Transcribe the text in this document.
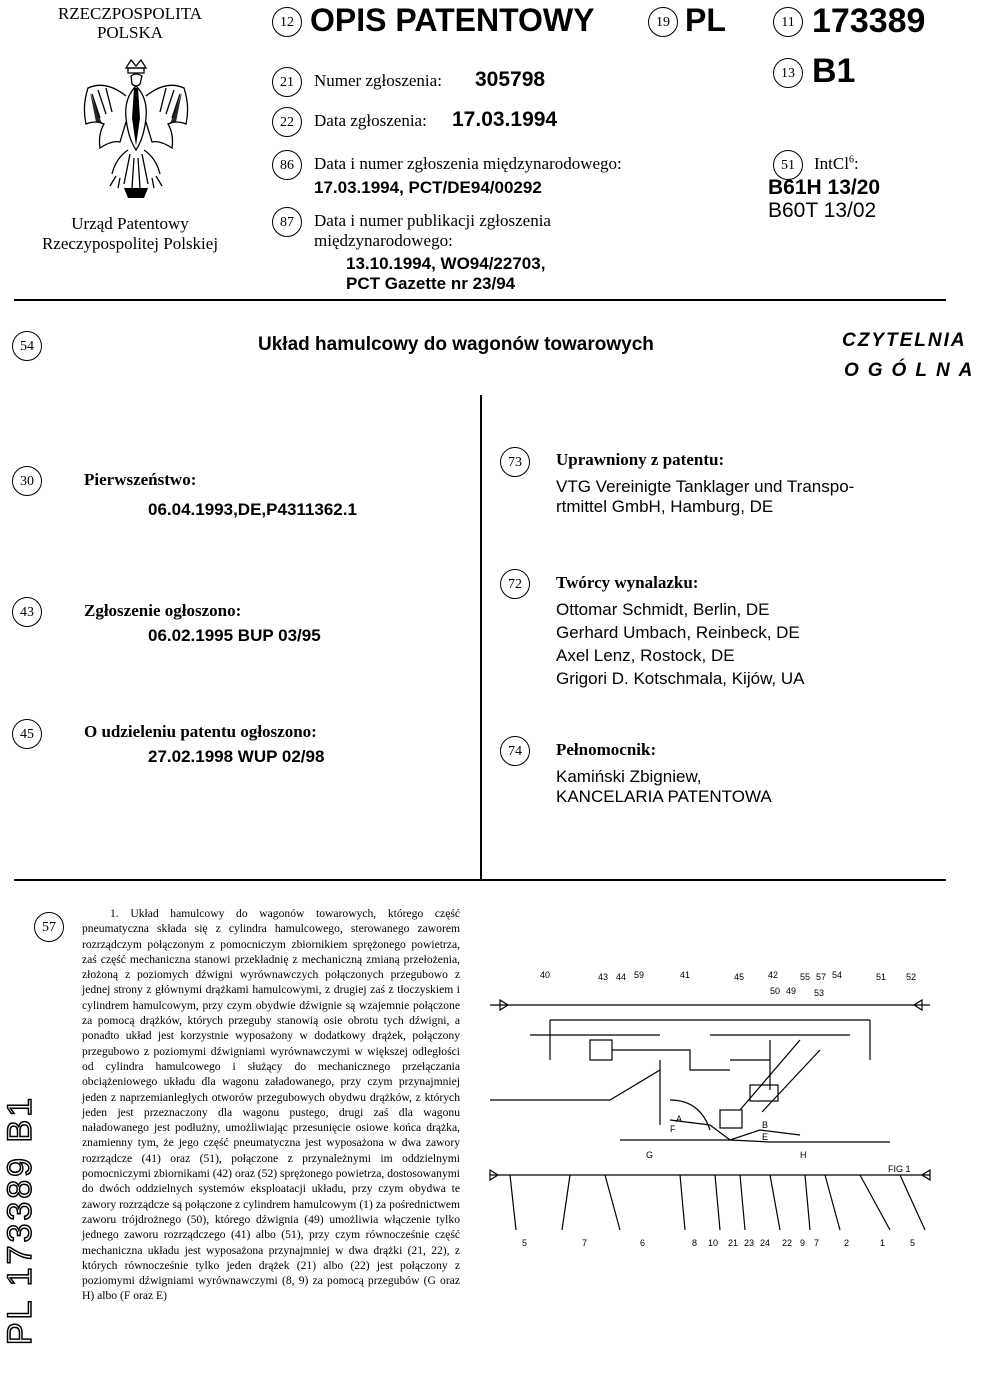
RZECZPOSPOLITA
POLSKA
Urząd Patentowy
Rzeczypospolitej Polskiej
12 OPIS PATENTOWY	19 PL	11 173389
13 B1
21	Numer zgłoszenia: 305798
22	Data zgłoszenia: 17.03.1994
86	Data i numer zgłoszenia międzynarodowego:
17.03.1994, PCT/DE94/00292
87	Data i numer publikacji zgłoszenia
międzynarodowego:
13.10.1994, WO94/22703,
PCT Gazette nr 23/94
51	IntCl$^6$:
B61H 13/20
B60T 13/02
54	Układ hamulcowy do wagonów towarowych	CZYTELNIA
OGÓLNA
30	Pierwszeństwo:
06.04.1993,DE,P4311362.1
43	Zgłoszenie ogłoszono:
06.02.1995 BUP 03/95
45	O udzieleniu patentu ogłoszono:
27.02.1998 WUP 02/98
73	Uprawniony z patentu:
VTG Vereinigte Tanklager und Transpo-
rtmittel GmbH, Hamburg, DE
72	Twórcy wynalazku:
Ottomar Schmidt, Berlin, DE
Gerhard Umbach, Reinbeck, DE
Axel Lenz, Rostock, DE
Grigori D. Kotschmala, Kijów, UA
74	Pełnomocnik:
Kamiński Zbigniew,
KANCELARIA PATENTOWA
57

1. Układ hamulcowy do wagonów towarowych, którego część pneumatyczna składa się z cylindra hamulcowego, sterowanego zaworem rozrządczym połączonym z pomocniczym zbiornikiem sprężonego powietrza, zaś część mechaniczna stanowi przekładnię z mechaniczną zmianą przełożenia, złożoną z poziomych dźwigni wyrównawczych połączonych przegubowo z jednej strony z głównymi drążkami hamulcowymi, z drugiej zaś z tłoczyskiem i cylindrem hamulcowym, przy czym obydwie dźwignie są wzajemnie połączone za pomocą drążków, których przeguby stanowią osie obrotu tych dźwigni, a ponadto układ jest korzystnie wyposażony w dodatkowy drążek, połączony przegubowo z poziomymi dźwigniami wyrównawczymi w większej odległości od cylindra hamulcowego i służący do mechanicznego przełączania obciążeniowego układu dla wagonu załadowanego, przy czym przynajmniej jeden z naprzemianległych otworów przegubowych obydwu drążków, z których jeden jest przeznaczony dla wagonu pustego, drugi zaś dla wagonu naładowanego jest podłużny, umożliwiając przesunięcie osiowe końca drążka, znamienny tym, że jego część pneumatyczna jest wyposażona w dwa zawory rozrządcze (41) oraz (51), połączone z przynależnymi im oddzielnymi pomocniczymi zbiornikami (42) oraz (52) sprężonego powietrza, dostosowanymi do dwóch oddzielnych systemów eksploatacji układu, przy czym obydwa te zawory rozrządcze są połączone z cylindrem hamulcowym (1) za pośrednictwem zaworu trójdrożnego (50), którego dźwignia (49) umożliwia włączenie tylko jednego zaworu rozrządczego (41) albo (51), przy czym równocześnie część mechaniczna układu jest wyposażona przynajmniej w dwa drążki (21, 22), z których równocześnie tylko jeden drążek (21) albo (22) jest połączony z poziomymi dźwigniami wyrównawczymi (8, 9) za pomocą przegubów (G oraz H) albo (F oraz E)

PL 173389 B1
40	43 44 59	41	45	42 55 57 54	51 52
50 49 53
A
F	B
E
G	H
FIG 1
5	7	6	8 10 21 23 24 22 9 7	2	1	5
